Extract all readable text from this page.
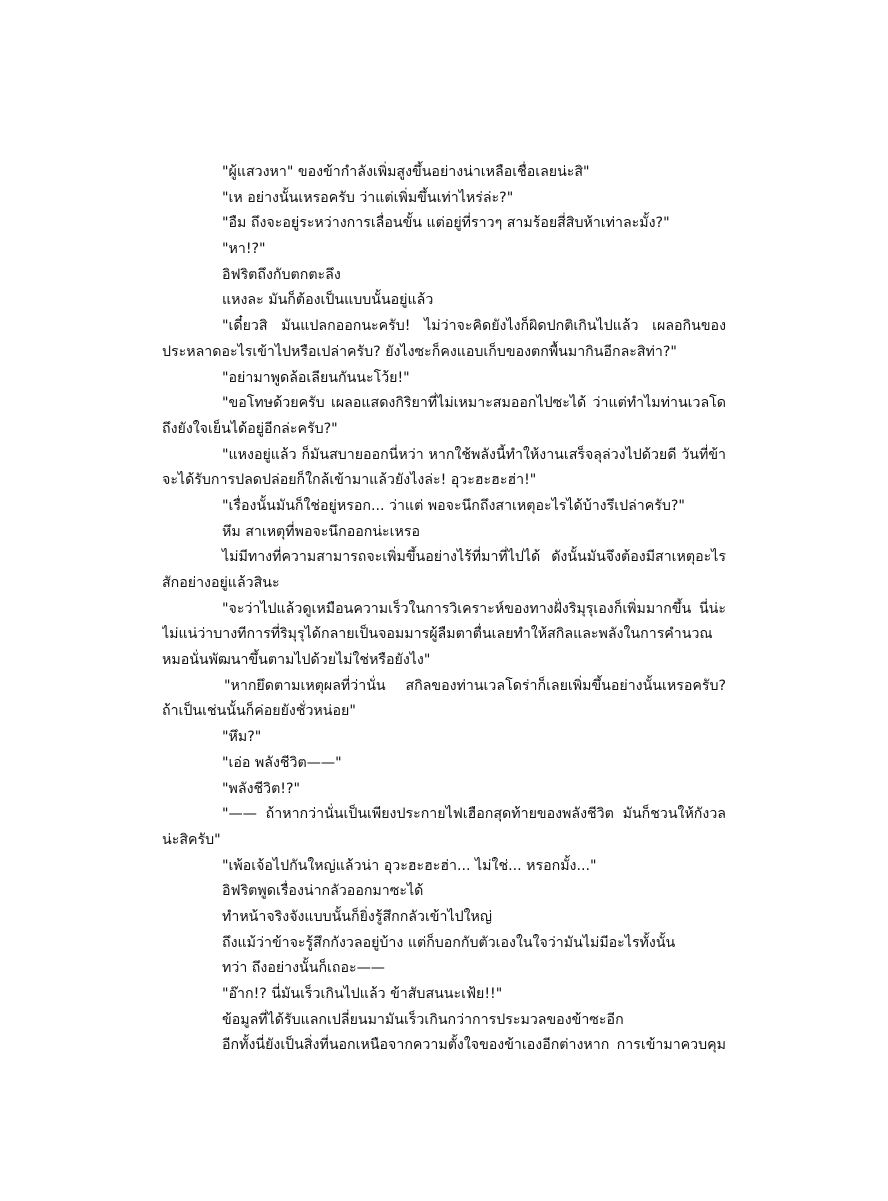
"ผู้แสวงหา" ของข้ากำลังเพิ่มสูงขึ้นอย่างน่าเหลือเชื่อเลยน่ะสิ"
"เห อย่างนั้นเหรอครับ ว่าแต่เพิ่มขึ้นเท่าไหร่ล่ะ?"
"อืม ถึงจะอยู่ระหว่างการเลื่อนขั้น แต่อยู่ที่ราวๆ สามร้อยสี่สิบห้าเท่าละมั้ง?"
"หา!?"
อิฟริตถึงกับตกตะลึง
แหงละ มันก็ต้องเป็นแบบนั้นอยู่แล้ว
"เดี๋ยวสิ มันแปลกออกนะครับ! ไม่ว่าจะคิดยังไงก็ผิดปกติเกินไปแล้ว เผลอกินของ
ประหลาดอะไรเข้าไปหรือเปล่าครับ? ยังไงซะก็คงแอบเก็บของตกพื้นมากินอีกละสิท่า?"
"อย่ามาพูดล้อเลียนกันนะโว้ย!"
"ขอโทษด้วยครับ เผลอแสดงกิริยาที่ไม่เหมาะสมออกไปซะได้ ว่าแต่ทำไมท่านเวลโด
ถึงยังใจเย็นได้อยู่อีกล่ะครับ?"
"แหงอยู่แล้ว ก็มันสบายออกนี่หว่า หากใช้พลังนี้ทำให้งานเสร็จลุล่วงไปด้วยดี วันที่ข้า
จะได้รับการปลดปล่อยก็ใกล้เข้ามาแล้วยังไงล่ะ! อุวะฮะฮะฮ่า!"
"เรื่องนั้นมันก็ใช่อยู่หรอก... ว่าแต่ พอจะนึกถึงสาเหตุอะไรได้บ้างรึเปล่าครับ?"
หึม สาเหตุที่พอจะนึกออกน่ะเหรอ
ไม่มีทางที่ความสามารถจะเพิ่มขึ้นอย่างไร้ที่มาที่ไปได้ ดังนั้นมันจึงต้องมีสาเหตุอะไร
สักอย่างอยู่แล้วสินะ
"จะว่าไปแล้วดูเหมือนความเร็วในการวิเคราะห์ของทางฝั่งริมุรุเองก็เพิ่มมากขึ้น นี่น่ะ
ไม่แน่ว่าบางทีการที่ริมุรุได้กลายเป็นจอมมารผู้ลืมตาตื่นเลยทำให้สกิลและพลังในการคำนวณ
หมอนั่นพัฒนาขึ้นตามไปด้วยไม่ใช่หรือยังไง"
"หากยึดตามเหตุผลที่ว่านั่น สกิลของท่านเวลโดร่าก็เลยเพิ่มขึ้นอย่างนั้นเหรอครับ?
ถ้าเป็นเช่นนั้นก็ค่อยยังชั่วหน่อย"
"หึม?"
"เอ่อ พลังชีวิต——"
"พลังชีวิต!?"
"—— ถ้าหากว่านั่นเป็นเพียงประกายไฟเฮือกสุดท้ายของพลังชีวิต มันก็ชวนให้กังวล
น่ะสิครับ"
"เพ้อเจ้อไปกันใหญ่แล้วน่า อุวะฮะฮะฮ่า... ไม่ใช่... หรอกมั้ง..."
อิฟริตพูดเรื่องน่ากลัวออกมาซะได้
ทำหน้าจริงจังแบบนั้นก็ยิ่งรู้สึกกลัวเข้าไปใหญ่
ถึงแม้ว่าข้าจะรู้สึกกังวลอยู่บ้าง แต่ก็บอกกับตัวเองในใจว่ามันไม่มีอะไรทั้งนั้น
ทว่า ถึงอย่างนั้นก็เถอะ——
"อ๊าก!? นี่มันเร็วเกินไปแล้ว ข้าสับสนนะเฟ้ย!!"
ข้อมูลที่ได้รับแลกเปลี่ยนมามันเร็วเกินกว่าการประมวลของข้าซะอีก
อีกทั้งนี่ยังเป็นสิ่งที่นอกเหนือจากความตั้งใจของข้าเองอีกต่างหาก การเข้ามาควบคุม
